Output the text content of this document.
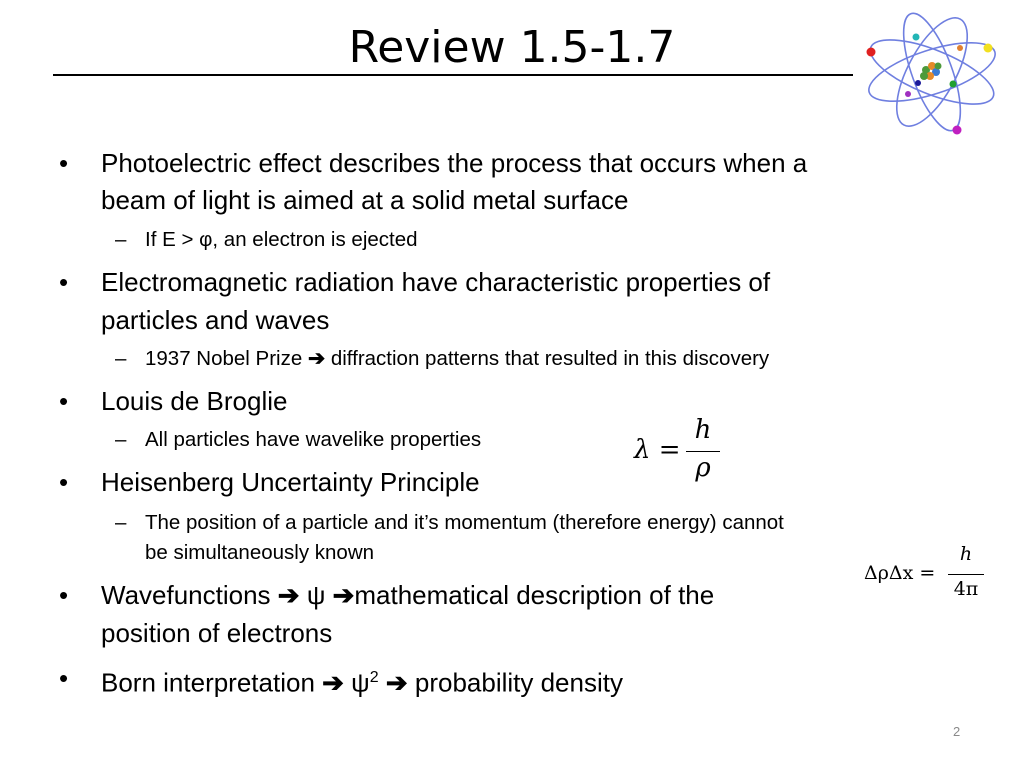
Review 1.5-1.7
• Photoelectric effect describes the process that occurs when a
beam of light is aimed at a solid metal surface
– If E > φ, an electron is ejected
• Electromagnetic radiation have characteristic properties of
particles and waves
– 1937 Nobel Prize ➔ diffraction patterns that resulted in this discovery
• Louis de Broglie
– All particles have wavelike properties
• Heisenberg Uncertainty Principle
– The position of a particle and it’s momentum (therefore energy) cannot
be simultaneously known
• Wavefunctions ➔ ψ ➔mathematical description of the
position of electrons
• Born interpretation ➔ $\psi^2$ ➔ probability density
λ =
h
ρ
ΔρΔx =
h
4π
2
